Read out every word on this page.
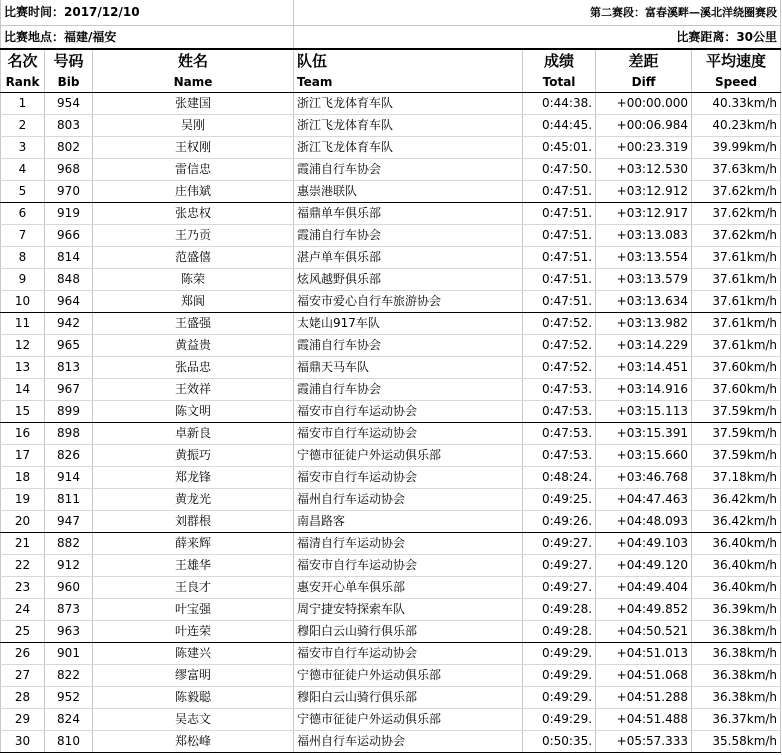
比赛时间：2017/12/10				第二赛段：富春溪畔—溪北洋绕圈赛段		
比赛地点：福建/福安				比赛距离：30公里		
名次	号码	姓名	队伍	成绩	差距	平均速度
Rank	Bib	Name	Team	Total	Diff	Speed
1	954	张建国	浙江飞龙体育车队	0:44:38.	+00:00.000	40.33km/h
2	803	吴刚	浙江飞龙体育车队	0:44:45.	+00:06.984	40.23km/h
3	802	王权刚	浙江飞龙体育车队	0:45:01.	+00:23.319	39.99km/h
4	968	雷信忠	霞浦自行车协会	0:47:50.	+03:12.530	37.63km/h
5	970	庄伟斌	惠崇港联队	0:47:51.	+03:12.912	37.62km/h
6	919	张忠权	福鼎单车俱乐部	0:47:51.	+03:12.917	37.62km/h
7	966	王乃贡	霞浦自行车协会	0:47:51.	+03:13.083	37.62km/h
8	814	范盛僖	湛卢单车俱乐部	0:47:51.	+03:13.554	37.61km/h
9	848	陈荣	炫风越野俱乐部	0:47:51.	+03:13.579	37.61km/h
10	964	郑阆	福安市爱心自行车旅游协会	0:47:51.	+03:13.634	37.61km/h
11	942	王盛强	太姥山917车队	0:47:52.	+03:13.982	37.61km/h
12	965	黄益贵	霞浦自行车协会	0:47:52.	+03:14.229	37.61km/h
13	813	张品忠	福鼎天马车队	0:47:52.	+03:14.451	37.60km/h
14	967	王效祥	霞浦自行车协会	0:47:53.	+03:14.916	37.60km/h
15	899	陈文明	福安市自行车运动协会	0:47:53.	+03:15.113	37.59km/h
16	898	卓新良	福安市自行车运动协会	0:47:53.	+03:15.391	37.59km/h
17	826	黄振巧	宁德市征徒户外运动俱乐部	0:47:53.	+03:15.660	37.59km/h
18	914	郑龙锋	福安市自行车运动协会	0:48:24.	+03:46.768	37.18km/h
19	811	黄龙光	福州自行车运动协会	0:49:25.	+04:47.463	36.42km/h
20	947	刘群根	南昌路客	0:49:26.	+04:48.093	36.42km/h
21	882	薛来辉	福清自行车运动协会	0:49:27.	+04:49.103	36.40km/h
22	912	王雄华	福安市自行车运动协会	0:49:27.	+04:49.120	36.40km/h
23	960	王良才	惠安开心单车俱乐部	0:49:27.	+04:49.404	36.40km/h
24	873	叶宝强	周宁捷安特探索车队	0:49:28.	+04:49.852	36.39km/h
25	963	叶连荣	穆阳白云山骑行俱乐部	0:49:28.	+04:50.521	36.38km/h
26	901	陈建兴	福安市自行车运动协会	0:49:29.	+04:51.013	36.38km/h
27	822	缪富明	宁德市征徒户外运动俱乐部	0:49:29.	+04:51.068	36.38km/h
28	952	陈毅聪	穆阳白云山骑行俱乐部	0:49:29.	+04:51.288	36.38km/h
29	824	吴志文	宁德市征徒户外运动俱乐部	0:49:29.	+04:51.488	36.37km/h
30	810	郑松峰	福州自行车运动协会	0:50:35.	+05:57.333	35.58km/h
